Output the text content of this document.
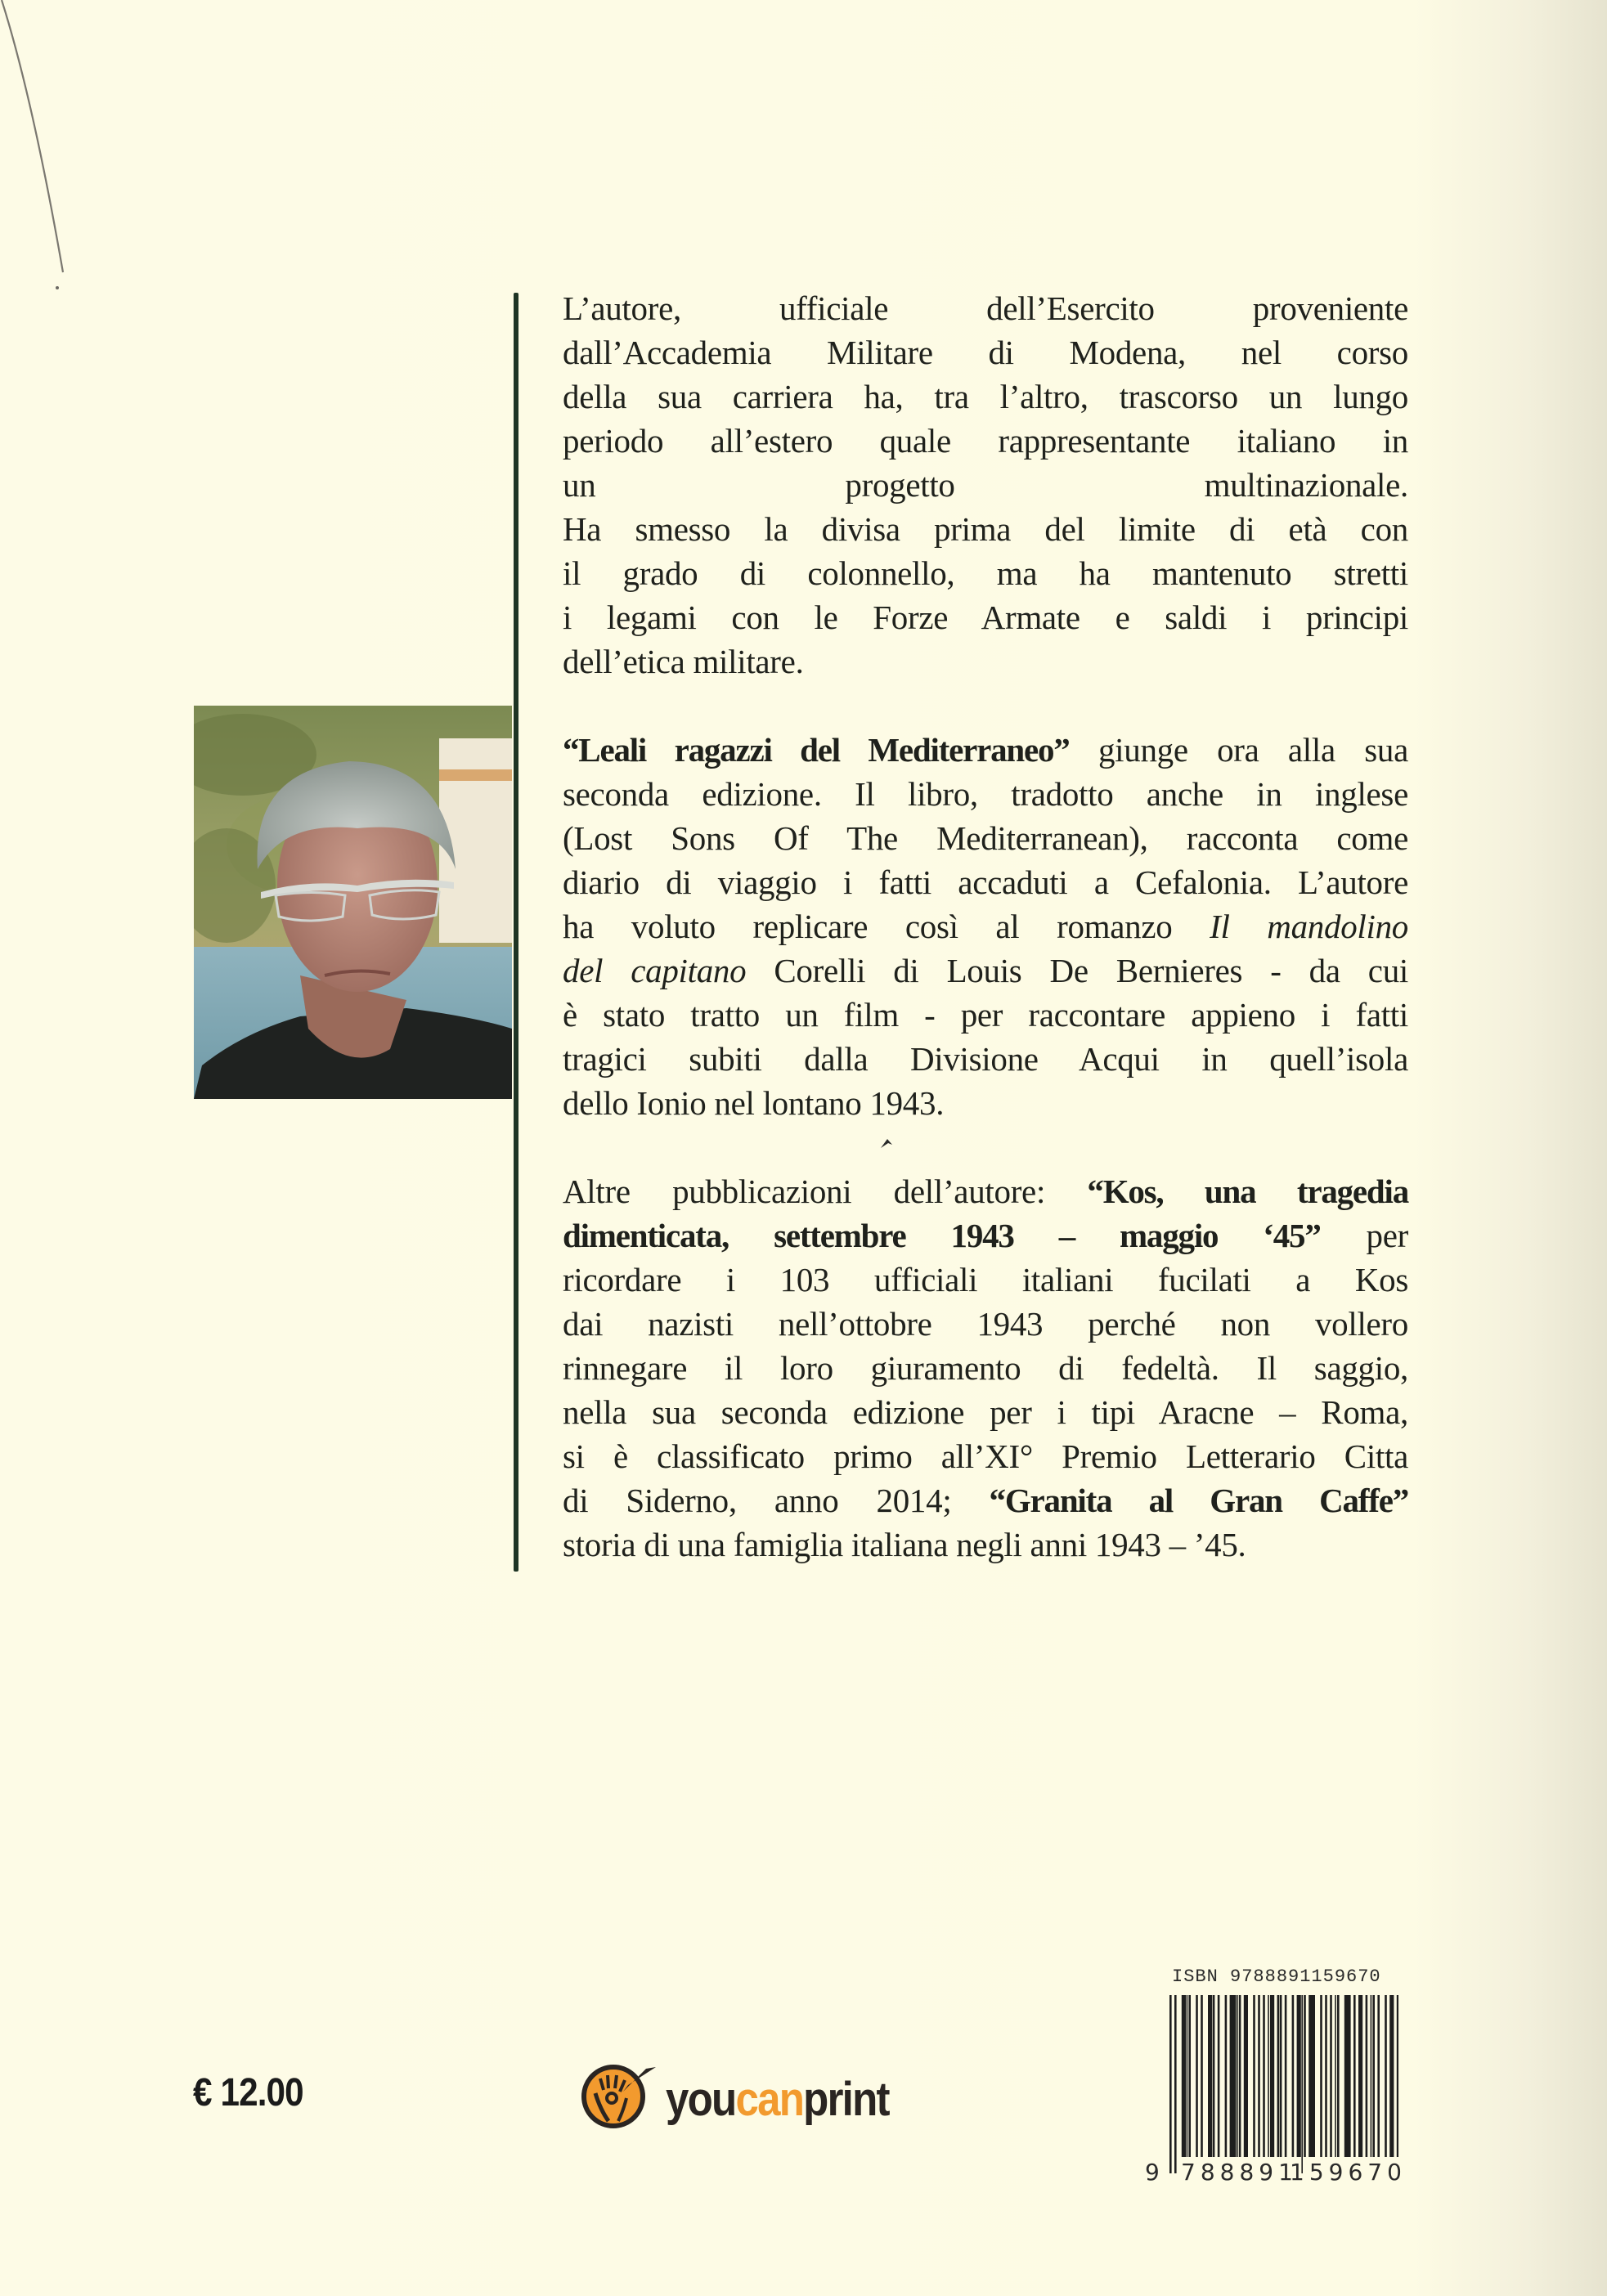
L’autore, ufficiale dell’Esercito proveniente
dall’Accademia Militare di Modena, nel corso
della sua carriera ha, tra l’altro, trascorso un lungo
periodo all’estero quale rappresentante italiano in
un progetto multinazionale.
Ha smesso la divisa prima del limite di età con
il grado di colonnello, ma ha mantenuto stretti
i legami con le Forze Armate e saldi i principi
dell’etica militare.
“Leali ragazzi del Mediterraneo” giunge ora alla sua
seconda edizione. Il libro, tradotto anche in inglese
(Lost Sons Of The Mediterranean), racconta come
diario di viaggio i fatti accaduti a Cefalonia. L’autore
ha voluto replicare così al romanzo Il mandolino
del capitano Corelli di Louis De Bernieres - da cui
è stato tratto un film - per raccontare appieno i fatti
tragici subiti dalla Divisione Acqui in quell’isola
dello Ionio nel lontano 1943.
Altre pubblicazioni dell’autore: “Kos, una tragedia
dimenticata, settembre 1943 – maggio ‘45” per
ricordare i 103 ufficiali italiani fucilati a Kos
dai nazisti nell’ottobre 1943 perché non vollero
rinnegare il loro giuramento di fedeltà. Il saggio,
nella sua seconda edizione per i tipi Aracne – Roma,
si è classificato primo all’XI° Premio Letterario Citta
di Siderno, anno 2014; “Granita al Gran Caffe”
storia di una famiglia italiana negli anni 1943 – ’45.
€ 12.00	youcanprint
ISBN 9788891159670
9 788891
159670
